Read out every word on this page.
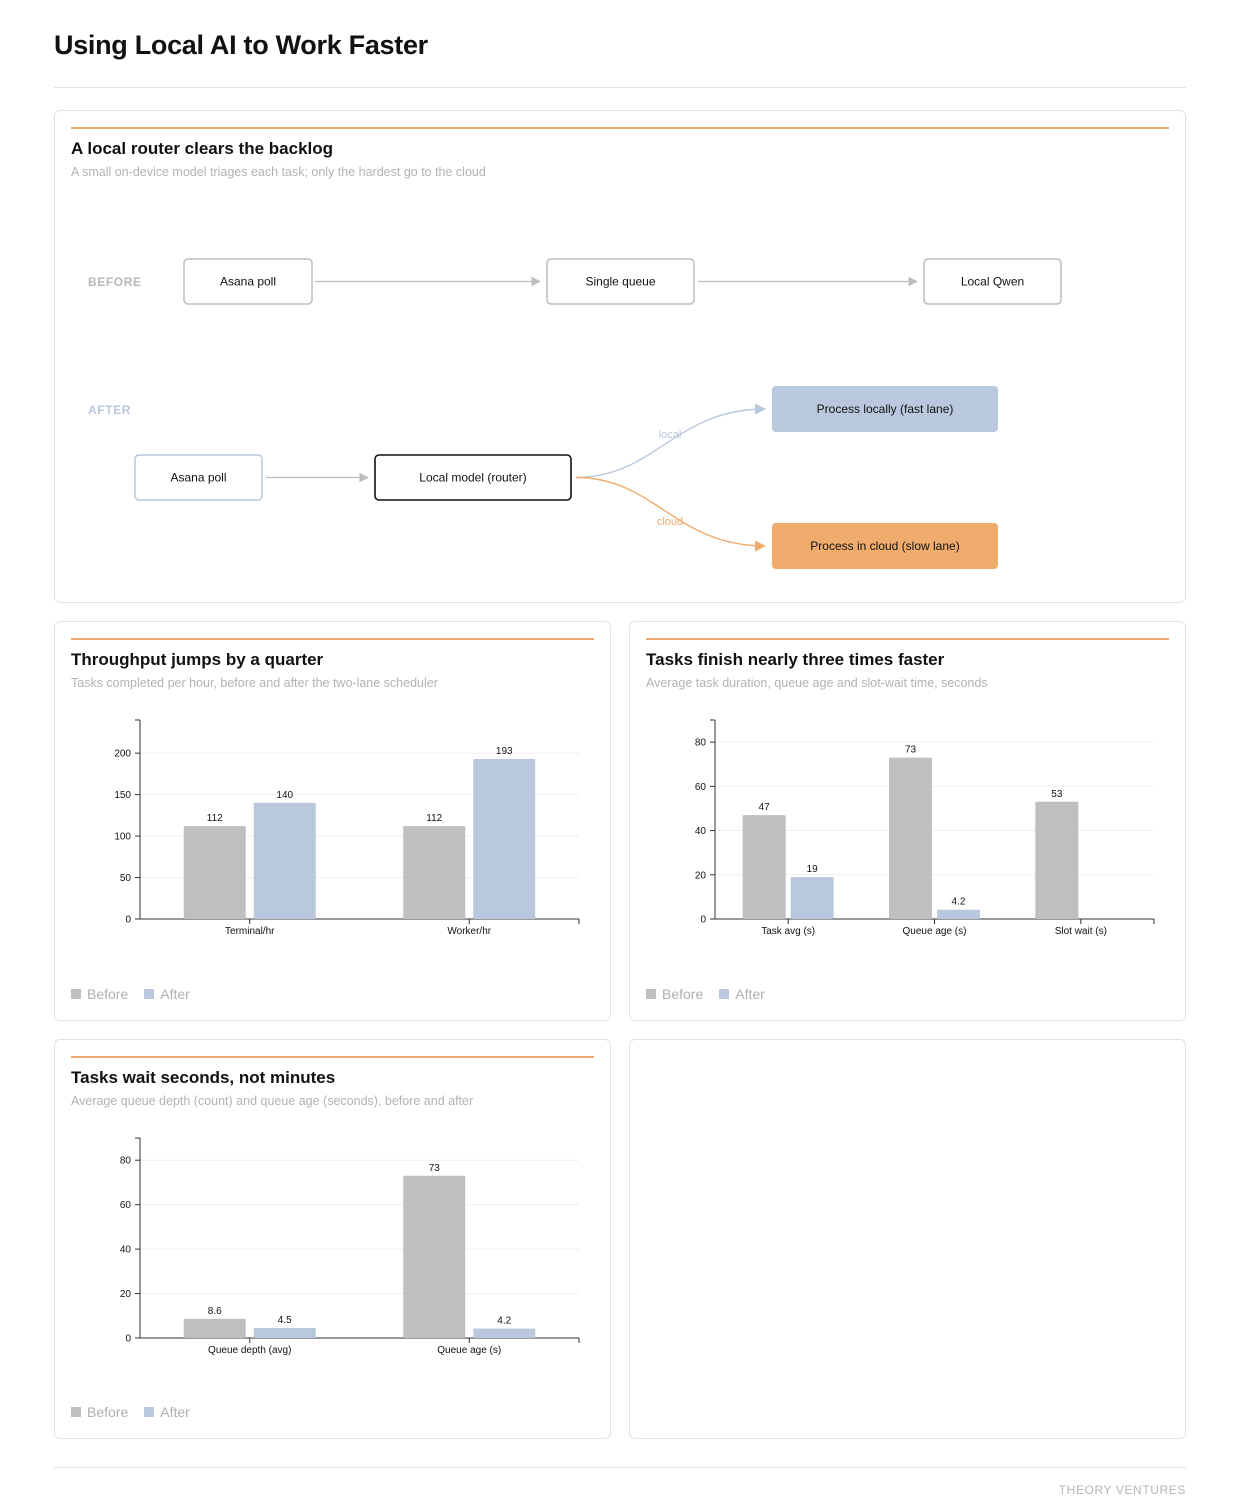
Using Local AI to Work Faster
A local router clears the backlog
A small on-device model triages each task; only the hardest go to the cloud
BEFORE
AFTER
Asana poll	Single queue	Local Qwen
Asana poll	Local model (router)
local
cloud
Process locally (fast lane)
Process in cloud (slow lane)
Throughput jumps by a quarter
Tasks completed per hour, before and after the two-lane scheduler
0
50
100
150
200
Terminal/hr
112
140
Worker/hr
112
193
Before After
Tasks finish nearly three times faster
Average task duration, queue age and slot-wait time, seconds
0
20
40
60
80
Task avg (s)
47
19
Queue age (s)
73
4.2
Slot wait (s)
53
Before After
Tasks wait seconds, not minutes
Average queue depth (count) and queue age (seconds), before and after
0
20
40
60
80
Queue depth (avg)
8.6
4.5
Queue age (s)
73
4.2
Before After
THEORY VENTURES
